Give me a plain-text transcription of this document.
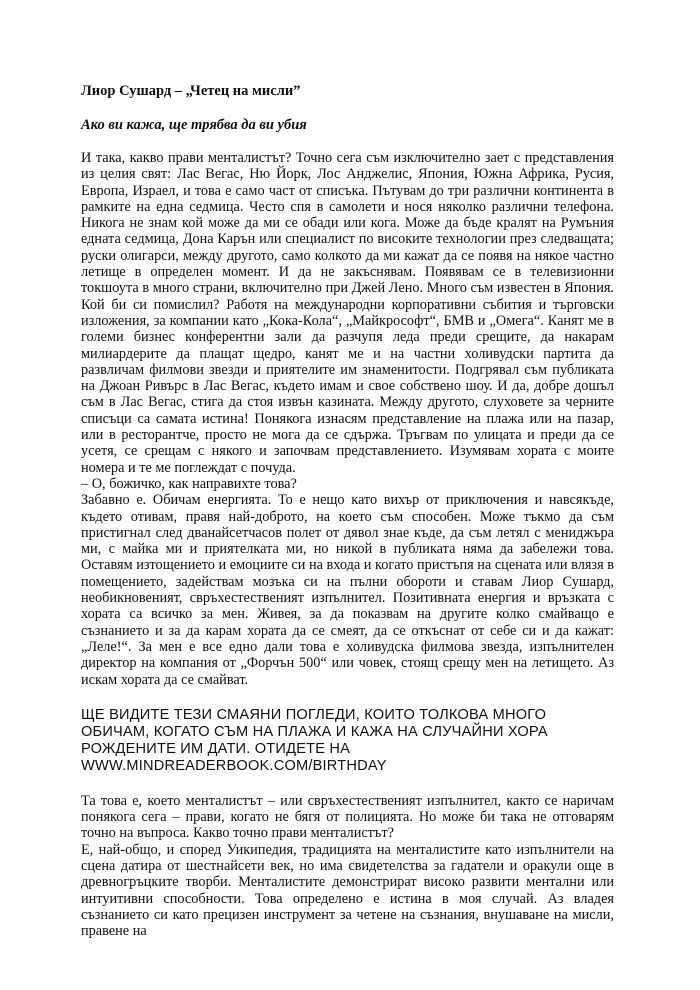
Лиор Сушард – „Четец на мисли”

Ако ви кажа, ще трябва да ви убия

И така, какво прави менталистът? Точно сега съм изключително зает с представления из целия свят: Лас Вегас, Ню Йорк, Лос Анджелис, Япония, Южна Африка, Русия, Европа, Израел, и това е само част от списъка. Пътувам до три различни континента в рамките на една седмица. Често спя в самолети и нося няколко различни телефона. Никога не знам кой може да ми се обади или кога. Може да бъде кралят на Румъния едната седмица, Дона Карън или специалист по високите технологии през следващата; руски олигарси, между другото, само колкото да ми кажат да се появя на някое частно летище в определен момент. И да не закъснявам. Появявам се в телевизионни токшоута в много страни, включително при Джей Лено. Много съм известен в Япония. Кой би си помислил? Работя на международни корпоративни събития и търговски изложения, за компании като „Кока-Кола“, „Майкрософт“, БМВ и „Омега“. Канят ме в големи бизнес конферентни зали да разчупя леда преди срещите, да накарам милиардерите да плащат щедро, канят ме и на частни холивудски партита да развличам филмови звезди и приятелите им знаменитости. Подгрявал съм публиката на Джоан Ривърс в Лас Вегас, където имам и свое собствено шоу. И да, добре дошъл съм в Лас Вегас, стига да стоя извън казината. Между другото, слуховете за черните списъци са самата истина! Понякога изнасям представление на плажа или на пазар, или в ресторантче, просто не мога да се сдържа. Тръгвам по улицата и преди да се усетя, се срещам с някого и започвам представлението. Изумявам хората с моите номера и те ме поглеждат с почуда.

– О, божичко, как направихте това?

Забавно е. Обичам енергията. То е нещо като вихър от приключения и навсякъде, където отивам, правя най-доброто, на което съм способен. Може тъкмо да съм пристигнал след дванайсетчасов полет от дявол знае къде, да съм летял с мениджъра ми, с майка ми и приятелката ми, но никой в публиката няма да забележи това. Оставям изтощението и емоциите си на входа и когато пристъпя на сцената или влязя в помещението, задействам мозъка си на пълни обороти и ставам Лиор Сушард, необикновеният, свръхестественият изпълнител. Позитивната енергия и връзката с хората са всичко за мен. Живея, за да показвам на другите колко смайващо е съзнанието и за да карам хората да се смеят, да се откъснат от себе си и да кажат: „Леле!“. За мен е все едно дали това е холивудска филмова звезда, изпълнителен директор на компания от „Форчън 500“ или човек, стоящ срещу мен на летището. Аз искам хората да се смайват.

ЩЕ ВИДИТЕ ТЕЗИ СМАЯНИ ПОГЛЕДИ, КОИТО ТОЛКОВА МНОГО ОБИЧАМ, КОГАТО СЪМ НА ПЛАЖА И КАЖА НА СЛУЧАЙНИ ХОРА РОЖДЕНИТЕ ИМ ДАТИ. ОТИДЕТЕ НА WWW.MINDREADERBOOK.COM/BIRTHDAY

Та това е, което менталистът – или свръхестественият изпълнител, както се наричам понякога сега – прави, когато не бягя от полицията. Но може би така не отговарям точно на въпроса. Какво точно прави менталистът?

Е, най-общо, и според Уикипедия, традицията на менталистите като изпълнители на сцена датира от шестнайсети век, но има свидетелства за гадатели и оракули още в древногръцките творби. Менталистите демонстрират високо развити ментални или интуитивни способности. Това определено е истина в моя случай. Аз владея съзнанието си като прецизен инструмент за четене на съзнания, внушаване на мисли, правене на
